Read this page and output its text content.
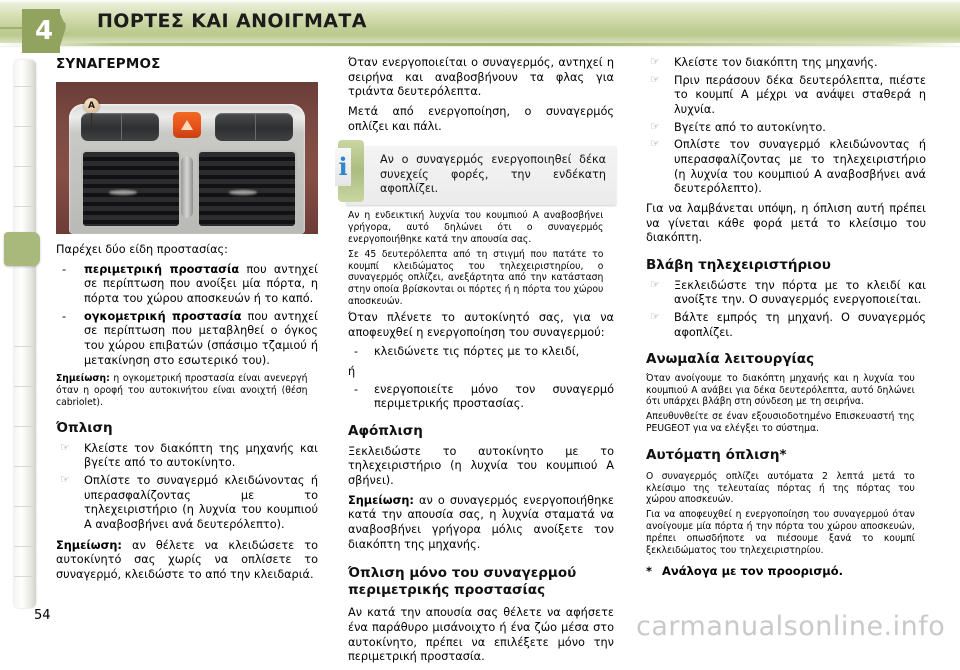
4	ΠΟΡΤΕΣ ΚΑΙ ΑΝΟΙΓΜΑΤΑ
ΣΥΝΑΓΕΡΜΟΣ
A

Παρέχει δύο είδη προστασίας:

- περιμετρική προστασία που αντηχεί σε περίπτωση που ανοίξει μία πόρτα, η πόρτα του χώρου αποσκευών ή το καπό.
- ογκομετρική προστασία που αντηχεί σε περίπτωση που μεταβληθεί ο όγκος του χώρου επιβατών (σπάσιμο τζαμιού ή μετακίνηση στο εσωτερικό του).

Σημείωση: η ογκομετρική προστασία είναι ανενεργή όταν η οροφή του αυτοκινήτου είναι ανοιχτή (θέση cabriolet).

Όπλιση
☞ Κλείστε τον διακόπτη της μηχανής και βγείτε από το αυτοκίνητο.
☞ Οπλίστε το συναγερμό κλειδώνοντας ή υπερασφαλίζοντας με το τηλεχειριστήριο (η λυχνία του κουμπιού A αναβοσβήνει ανά δευτερόλεπτο).

Σημείωση: αν θέλετε να κλειδώσετε το αυτοκίνητό σας χωρίς να οπλίσετε το συναγερμό, κλειδώστε το από την κλειδαριά.

Όταν ενεργοποιείται ο συναγερμός, αντηχεί η σειρήνα και αναβοσβήνουν τα φλας για τριάντα δευτερόλεπτα.

Μετά από ενεργοποίηση, ο συναγερμός οπλίζει και πάλι.

i	Αν ο συναγερμός ενεργοποιηθεί δέκα συνεχείς φορές, την ενδέκατη αφοπλίζει.

Αν η ενδεικτική λυχνία του κουμπιού A αναβοσβήνει γρήγορα, αυτό δηλώνει ότι ο συναγερμός ενεργοποιήθηκε κατά την απουσία σας.

Σε 45 δευτερόλεπτα από τη στιγμή που πατάτε το κουμπί κλειδώματος του τηλεχειριστηρίου, ο συναγερμός οπλίζει, ανεξάρτητα από την κατάσταση στην οποία βρίσκονται οι πόρτες ή η πόρτα του χώρου αποσκευών.

Όταν πλένετε το αυτοκίνητό σας, για να αποφευχθεί η ενεργοποίηση του συναγερμού:

- κλειδώνετε τις πόρτες με το κλειδί,
ή
- ενεργοποιείτε μόνο τον συναγερμό περιμετρικής προστασίας.
Αφόπλιση

Ξεκλειδώστε το αυτοκίνητο με το τηλεχειριστήριο (η λυχνία του κουμπιού A σβήνει).

Σημείωση: αν ο συναγερμός ενεργοποιήθηκε κατά την απουσία σας, η λυχνία σταματά να αναβοσβήνει γρήγορα μόλις ανοίξετε τον διακόπτη της μηχανής.

Όπλιση μόνο του συναγερμού περιμετρικής προστασίας

Αν κατά την απουσία σας θέλετε να αφήσετε ένα παράθυρο μισάνοιχτο ή ένα ζώο μέσα στο αυτοκίνητο, πρέπει να επιλέξετε μόνο την περιμετρική προστασία.

☞ Κλείστε τον διακόπτη της μηχανής.
☞ Πριν περάσουν δέκα δευτερόλεπτα, πιέστε το κουμπί A μέχρι να ανάψει σταθερά η λυχνία.
☞ Βγείτε από το αυτοκίνητο.
☞ Οπλίστε τον συναγερμό κλειδώνοντας ή υπερασφαλίζοντας με το τηλεχειριστήριο (η λυχνία του κουμπιού A αναβοσβήνει ανά δευτερόλεπτο).

Για να λαμβάνεται υπόψη, η όπλιση αυτή πρέπει να γίνεται κάθε φορά μετά το κλείσιμο του διακόπτη.

Βλάβη τηλεχειριστήριου
☞ Ξεκλειδώστε την πόρτα με το κλειδί και ανοίξτε την. Ο συναγερμός ενεργοποιείται.
☞ Βάλτε εμπρός τη μηχανή. Ο συναγερμός αφοπλίζει.
Ανωμαλία λειτουργίας

Όταν ανοίγουμε το διακόπτη μηχανής και η λυχνία του κουμπιού A ανάβει για δέκα δευτερόλεπτα, αυτό δηλώνει ότι υπάρχει βλάβη στη σύνδεση με τη σειρήνα.

Απευθυνθείτε σε έναν εξουσιοδοτημένο Επισκευαστή της PEUGEOT για να ελέγξει το σύστημα.

Αυτόματη όπλιση*

Ο συναγερμός οπλίζει αυτόματα 2 λεπτά μετά το κλείσιμο της τελευταίας πόρτας ή της πόρτας του χώρου αποσκευών.

Για να αποφευχθεί η ενεργοποίηση του συναγερμού όταν ανοίγουμε μία πόρτα ή την πόρτα του χώρου αποσκευών, πρέπει οπωσδήποτε να πιέσουμε ξανά το κουμπί ξεκλειδώματος του τηλεχειριστηρίου.

* Ανάλογα με τον προορισμό.
54	carmanualsonline.info
